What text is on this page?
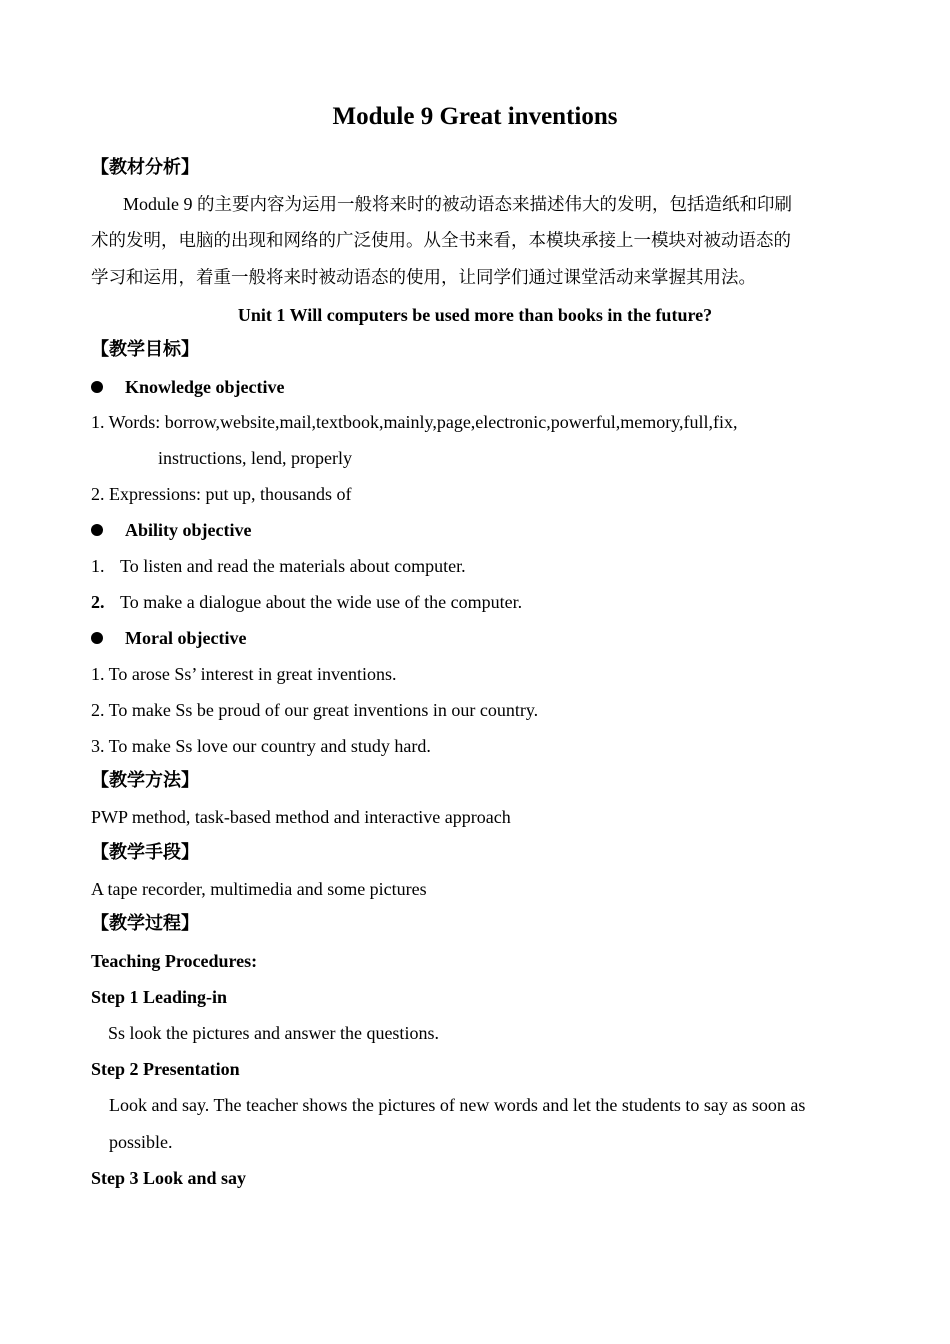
Module 9 Great inventions
【教材分析】
Module 9 的主要内容为运用一般将来时的被动语态来描述伟大的发明，包括造纸和印刷
术的发明，电脑的出现和网络的广泛使用。从全书来看，本模块承接上一模块对被动语态的
学习和运用，着重一般将来时被动语态的使用，让同学们通过课堂活动来掌握其用法。
Unit 1 Will computers be used more than books in the future?
【教学目标】
Knowledge objective
1. Words: borrow,website,mail,textbook,mainly,page,electronic,powerful,memory,full,fix,
instructions, lend, properly
2. Expressions: put up, thousands of
Ability objective
1. To listen and read the materials about computer.
2. To make a dialogue about the wide use of the computer.
Moral objective
1. To arose Ss’ interest in great inventions.
2. To make Ss be proud of our great inventions in our country.
3. To make Ss love our country and study hard.
【教学方法】
PWP method, task-based method and interactive approach
【教学手段】
A tape recorder, multimedia and some pictures
【教学过程】
Teaching Procedures:
Step 1 Leading-in
Ss look the pictures and answer the questions.
Step 2 Presentation
Look and say. The teacher shows the pictures of new words and let the students to say as soon as
possible.
Step 3 Look and say
